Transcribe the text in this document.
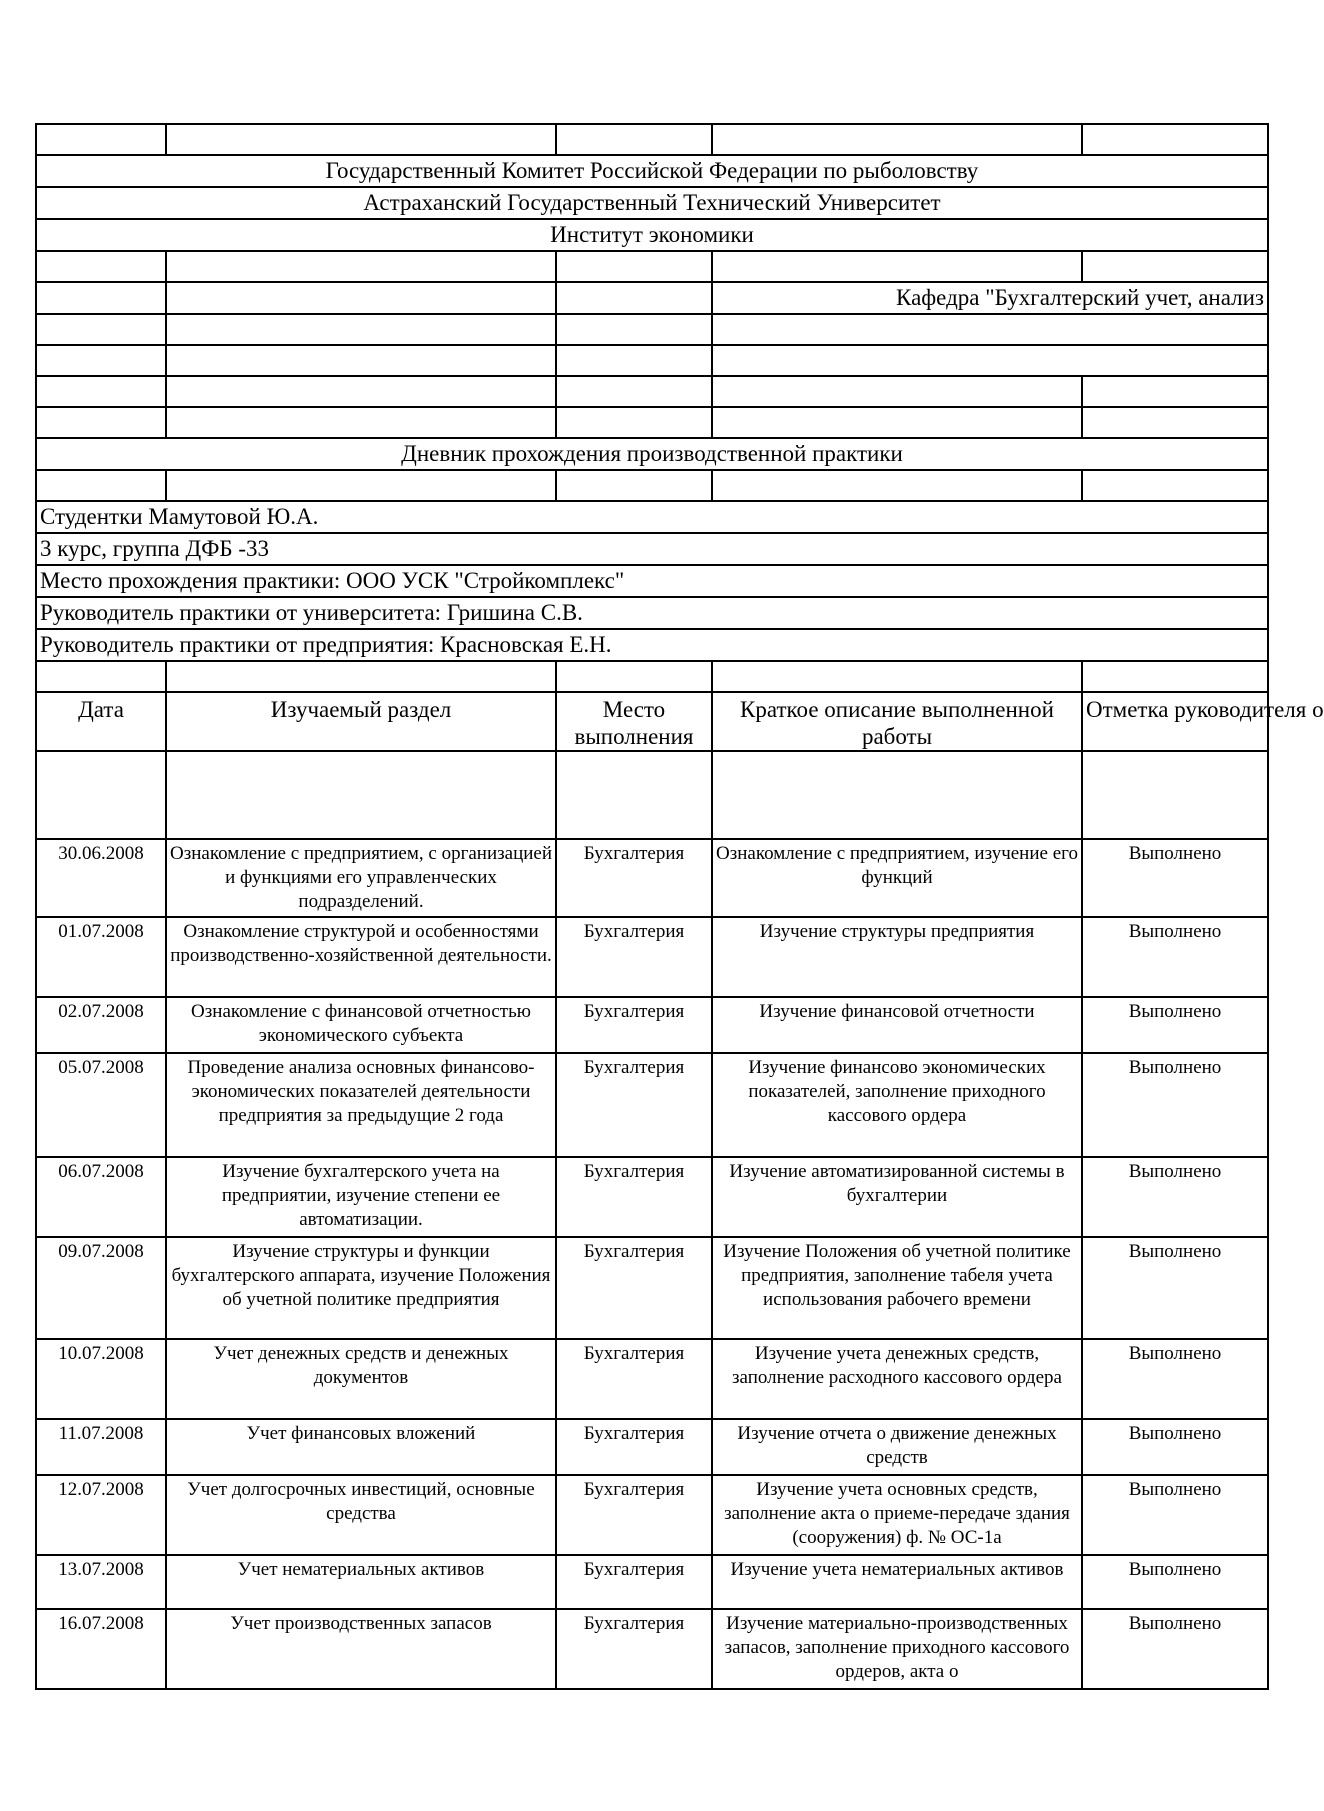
Государственный Комитет Российской Федерации по рыболовству				
Астраханский Государственный Технический Университет				
Институт экономики				

			Кафедра "Бухгалтерский учет, анализ	

Дневник прохождения производственной практики				

Студентки Мамутовой Ю.А.				
3 курс, группа ДФБ -33				
Место прохождения практики: ООО УСК "Стройкомплекс"				
Руководитель практики от университета: Гришина С.В.				
Руководитель практики от предприятия: Красновская Е.Н.				

Дата	Изучаемый раздел	Место выполнения	Краткое описание выполненной работы	Отметка руководителя о

30.06.2008	Ознакомление с предприятием, с организацией и функциями его управленческих подразделений.	Бухгалтерия	Ознакомление с предприятием, изучение его функций	Выполнено
01.07.2008	Ознакомление структурой и особенностями производственно-хозяйственной деятельности.	Бухгалтерия	Изучение структуры предприятия	Выполнено
02.07.2008	Ознакомление с финансовой отчетностью экономического субъекта	Бухгалтерия	Изучение финансовой отчетности	Выполнено
05.07.2008	Проведение анализа основных финансово-экономических показателей деятельности предприятия за предыдущие 2 года	Бухгалтерия	Изучение финансово экономических показателей, заполнение приходного кассового ордера	Выполнено
06.07.2008	Изучение бухгалтерского учета на предприятии, изучение степени ее автоматизации.	Бухгалтерия	Изучение автоматизированной системы в бухгалтерии	Выполнено
09.07.2008	Изучение структуры и функции бухгалтерского аппарата, изучение Положения об учетной политике предприятия	Бухгалтерия	Изучение Положения об учетной политике предприятия, заполнение табеля учета использования рабочего времени	Выполнено
10.07.2008	Учет денежных средств и денежных документов	Бухгалтерия	Изучение учета денежных средств, заполнение расходного кассового ордера	Выполнено
11.07.2008	Учет финансовых вложений	Бухгалтерия	Изучение отчета о движение денежных средств	Выполнено
12.07.2008	Учет долгосрочных инвестиций, основные средства	Бухгалтерия	Изучение учета основных средств, заполнение акта о приеме-передаче здания (сооружения) ф. № ОС-1а	Выполнено
13.07.2008	Учет нематериальных активов	Бухгалтерия	Изучение учета нематериальных активов	Выполнено
16.07.2008	Учет производственных запасов	Бухгалтерия	Изучение материально-производственных запасов, заполнение приходного кассового ордеров, акта о	Выполнено
